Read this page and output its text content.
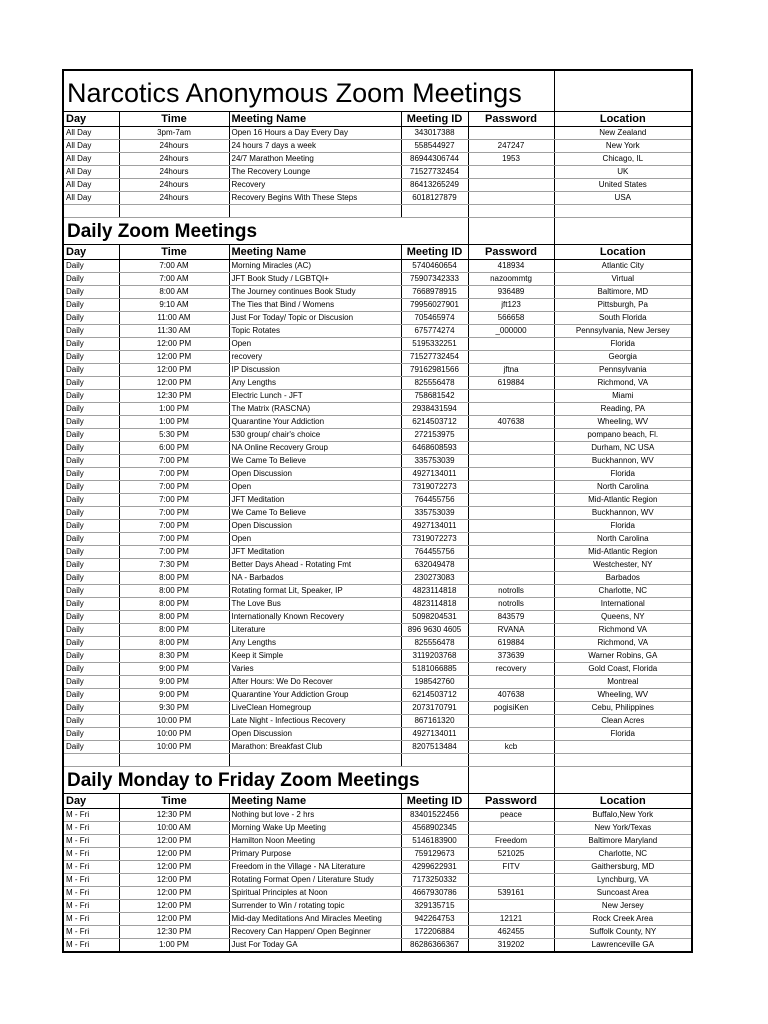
Narcotics Anonymous Zoom Meetings					
Day	Time	Meeting Name	Meeting ID	Password	Location
All Day	3pm-7am	Open 16 Hours a Day Every Day	343017388		New Zealand
All Day	24hours	24 hours 7 days a week	558544927	247247	New York
All Day	24hours	24/7 Marathon Meeting	86944306744	1953	Chicago, IL
All Day	24hours	The Recovery Lounge	71527732454		UK
All Day	24hours	Recovery	86413265249		United States
All Day	24hours	Recovery Begins With These Steps	6018127879		USA

Daily Zoom Meetings					
Day	Time	Meeting Name	Meeting ID	Password	Location
Daily	7:00 AM	Morning Miracles (AC)	5740460654	418934	Atlantic City
Daily	7:00 AM	JFT Book Study / LGBTQI+	75907342333	nazoommtg	Virtual
Daily	8:00 AM	The Journey continues Book Study	7668978915	936489	Baltimore, MD
Daily	9:10 AM	The Ties that Bind / Womens	79956027901	jft123	Pittsburgh, Pa
Daily	11:00 AM	Just For Today/ Topic or Discusion	705465974	566658	South Florida
Daily	11:30 AM	Topic Rotates	675774274	_000000	Pennsylvania, New Jersey
Daily	12:00 PM	Open	5195332251		Florida
Daily	12:00 PM	recovery	71527732454		Georgia
Daily	12:00 PM	IP Discussion	79162981566	jftna	Pennsylvania
Daily	12:00 PM	Any Lengths	825556478	619884	Richmond, VA
Daily	12:30 PM	Electric Lunch - JFT	758681542		Miami
Daily	1:00 PM	The Matrix (RASCNA)	2938431594		Reading, PA
Daily	1:00 PM	Quarantine Your Addiction	6214503712	407638	Wheeling, WV
Daily	5:30 PM	530 group/ chair's choice	272153975		pompano beach, Fl.
Daily	6:00 PM	NA Online Recovery Group	6468608593		Durham, NC USA
Daily	7:00 PM	We Came To Believe	335753039		Buckhannon, WV
Daily	7:00 PM	Open Discussion	4927134011		Florida
Daily	7:00 PM	Open	7319072273		North Carolina
Daily	7:00 PM	JFT Meditation	764455756		Mid-Atlantic Region
Daily	7:00 PM	We Came To Believe	335753039		Buckhannon, WV
Daily	7:00 PM	Open Discussion	4927134011		Florida
Daily	7:00 PM	Open	7319072273		North Carolina
Daily	7:00 PM	JFT Meditation	764455756		Mid-Atlantic Region
Daily	7:30 PM	Better Days Ahead - Rotating Fmt	632049478		Westchester, NY
Daily	8:00 PM	NA - Barbados	230273083		Barbados
Daily	8:00 PM	Rotating format Lit, Speaker, IP	4823114818	notrolls	Charlotte, NC
Daily	8:00 PM	The Love Bus	4823114818	notrolls	International
Daily	8:00 PM	Internationally Known Recovery	5098204531	843579	Queens, NY
Daily	8:00 PM	Literature	896 9630 4605	RVANA	Richmond VA
Daily	8:00 PM	Any Lengths	825556478	619884	Richmond, VA
Daily	8:30 PM	Keep it Simple	3119203768	373639	Warner Robins, GA
Daily	9:00 PM	Varies	5181066885	recovery	Gold Coast, Florida
Daily	9:00 PM	After Hours: We Do Recover	198542760		Montreal
Daily	9:00 PM	Quarantine Your Addiction Group	6214503712	407638	Wheeling, WV
Daily	9:30 PM	LiveClean Homegroup	2073170791	pogisiKen	Cebu, Philippines
Daily	10:00 PM	Late Night - Infectious Recovery	867161320		Clean Acres
Daily	10:00 PM	Open Discussion	4927134011		Florida
Daily	10:00 PM	Marathon: Breakfast Club	8207513484	kcb	

Daily Monday to Friday Zoom Meetings					
Day	Time	Meeting Name	Meeting ID	Password	Location
M - Fri	12:30 PM	Nothing but love - 2 hrs	83401522456	peace	Buffalo,New York
M - Fri	10:00 AM	Morning Wake Up Meeting	4568902345		New York/Texas
M - Fri	12:00 PM	Hamilton Noon Meeting	5146183900	Freedom	Baltimore Maryland
M - Fri	12:00 PM	Primary Purpose	759129673	521025	Charlotte, NC
M - Fri	12:00 PM	Freedom in the Village - NA Literature	4299622931	FITV	Gaithersburg, MD
M - Fri	12:00 PM	Rotating Format Open / Literature Study	7173250332		Lynchburg, VA
M - Fri	12:00 PM	Spiritual Principles at Noon	4667930786	539161	Suncoast Area
M - Fri	12:00 PM	Surrender to Win / rotating topic	329135715		New Jersey
M - Fri	12:00 PM	Mid-day Meditations And Miracles Meeting	942264753	12121	Rock Creek Area
M - Fri	12:30 PM	Recovery Can Happen/ Open Beginner	172206884	462455	Suffolk County, NY
M - Fri	1:00 PM	Just For Today GA	86286366367	319202	Lawrenceville GA
